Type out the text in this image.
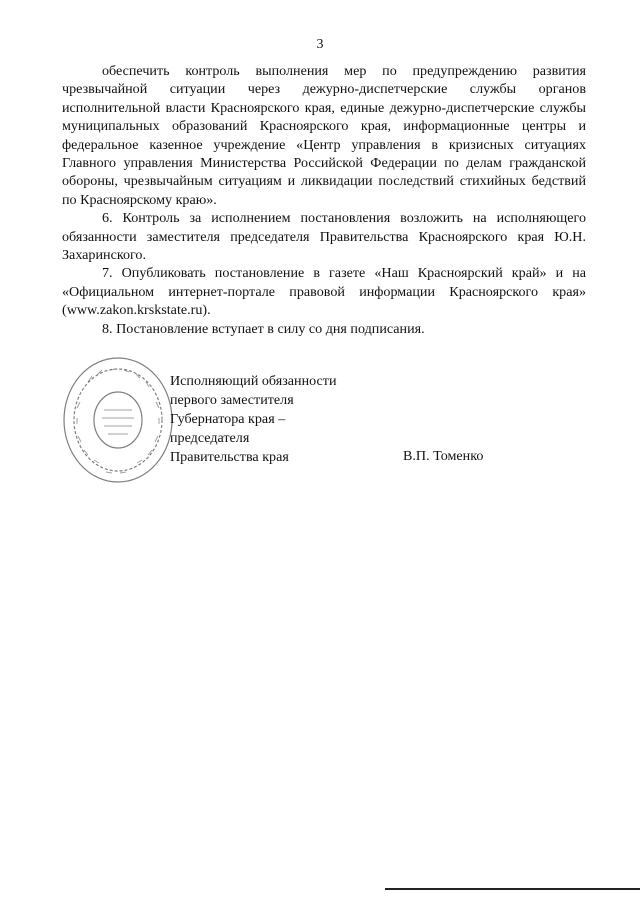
3

обеспечить контроль выполнения мер по предупреждению развития чрезвычайной ситуации через дежурно-диспетчерские службы органов исполнительной власти Красноярского края, единые дежурно-диспетчерские службы муниципальных образований Красноярского края, информационные центры и федеральное казенное учреждение «Центр управления в кризисных ситуациях Главного управления Министерства Российской Федерации по делам гражданской обороны, чрезвычайным ситуациям и ликвидации последствий стихийных бедствий по Красноярскому краю».

6. Контроль за исполнением постановления возложить на исполняющего обязанности заместителя председателя Правительства Красноярского края Ю.Н. Захаринского.

7. Опубликовать постановление в газете «Наш Красноярский край» и на «Официальном интернет-портале правовой информации Красноярского края» (www.zakon.krskstate.ru).

8. Постановление вступает в силу со дня подписания.

Исполняющий обязанности
первого заместителя
Губернатора края –
председателя
Правительства края	В.П. Томенко
